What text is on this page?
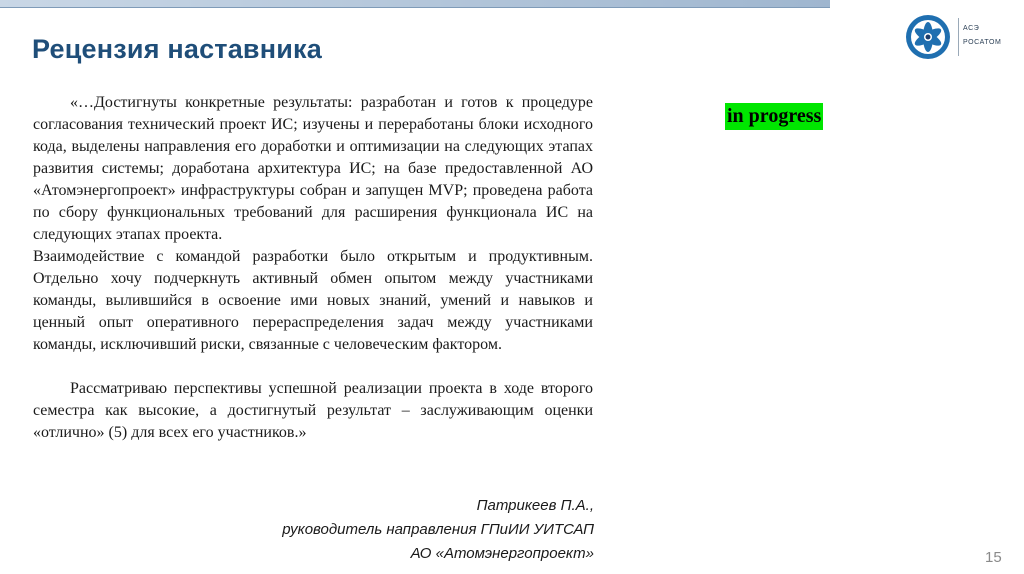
Рецензия наставника
АСЭ
РОСАТОМ

«…Достигнуты конкретные результаты: разработан и готов к процедуре согласования технический проект ИС; изучены и переработаны блоки исходного кода, выделены направления его доработки и оптимизации на следующих этапах развития системы; доработана архитектура ИС; на базе предоставленной АО «Атомэнергопроект» инфраструктуры собран и запущен MVP; проведена работа по сбору функциональных требований для расширения функционала ИС на следующих этапах проекта.

Взаимодействие с командой разработки было открытым и продуктивным. Отдельно хочу подчеркнуть активный обмен опытом между участниками команды, вылившийся в освоение ими новых знаний, умений и навыков и ценный опыт оперативного перераспределения задач между участниками команды, исключивший риски, связанные с человеческим фактором.

Рассматриваю перспективы успешной реализации проекта в ходе второго семестра как высокие, а достигнутый результат – заслуживающим оценки «отлично» (5) для всех его участников.»

Патрикеев П.А.,
руководитель направления ГПиИИ УИТСАП
АО «Атомэнергопроект»
in progress
15
